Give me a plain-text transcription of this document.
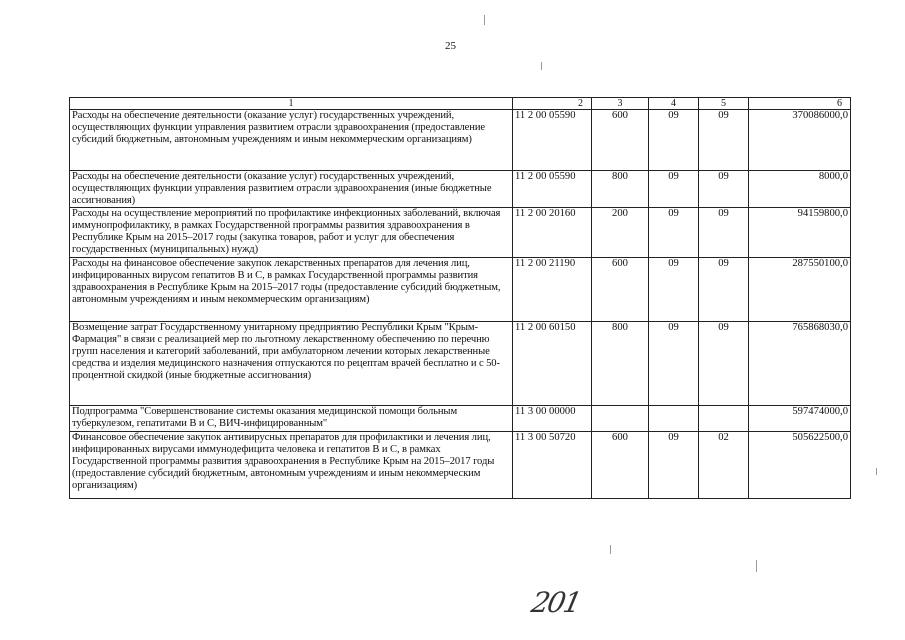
25
1	2	3	4	5	6
Расходы на обеспечение деятельности (оказание услуг) государственных учреждений, осуществляющих функции управления развитием отрасли здравоохранения (предоставление субсидий бюджетным, автономным учреждениям и иным некоммерческим организациям)	11 2 00 05590	600	09	09	370086000,0
Расходы на обеспечение деятельности (оказание услуг) государственных учреждений, осуществляющих функции управления развитием отрасли здравоохранения (иные бюджетные ассигнования)	11 2 00 05590	800	09	09	8000,0
Расходы на осуществление мероприятий по профилактике инфекционных заболеваний, включая иммунопрофилактику, в рамках Государственной программы развития здравоохранения в Республике Крым на 2015–2017 годы (закупка товаров, работ и услуг для обеспечения государственных (муниципальных) нужд)	11 2 00 20160	200	09	09	94159800,0
Расходы на финансовое обеспечение закупок лекарственных препаратов для лечения лиц, инфицированных вирусом гепатитов В и С, в рамках Государственной программы развития здравоохранения в Республике Крым на 2015–2017 годы (предоставление субсидий бюджетным, автономным учреждениям и иным некоммерческим организациям)	11 2 00 21190	600	09	09	287550100,0
Возмещение затрат Государственному унитарному предприятию Республики Крым "Крым-Фармация" в связи с реализацией мер по льготному лекарственному обеспечению по перечню групп населения и категорий заболеваний, при амбулаторном лечении которых лекарственные средства и изделия медицинского назначения отпускаются по рецептам врачей бесплатно и с 50-процентной скидкой (иные бюджетные ассигнования)	11 2 00 60150	800	09	09	765868030,0
Подпрограмма "Совершенствование системы оказания медицинской помощи больным туберкулезом, гепатитами В и С, ВИЧ-инфицированным"	11 3 00 00000				597474000,0
Финансовое обеспечение закупок антивирусных препаратов для профилактики и лечения лиц, инфицированных вирусами иммунодефицита человека и гепатитов В и С, в рамках Государственной программы развития здравоохранения в Республике Крым на 2015–2017 годы (предоставление субсидий бюджетным, автономным учреждениям и иным некоммерческим организациям)	11 3 00 50720	600	09	02	505622500,0
201
